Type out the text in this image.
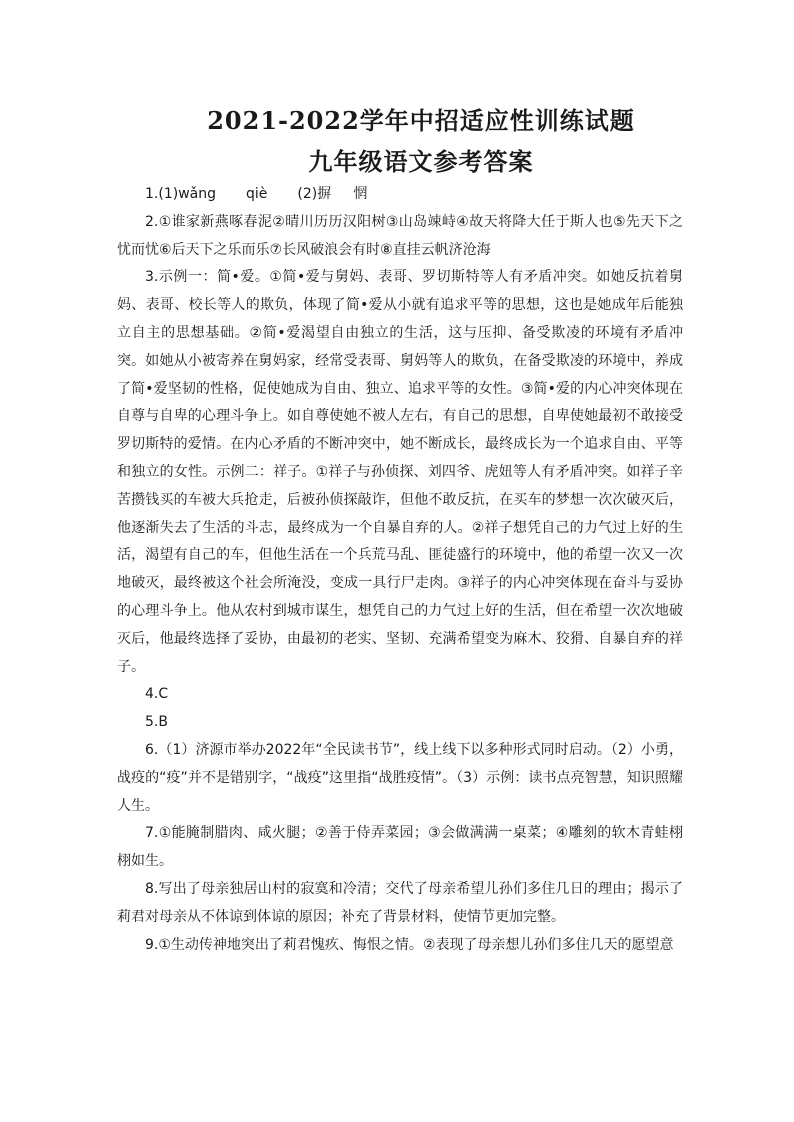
2021-2022学年中招适应性训练试题
九年级语文参考答案

1.(1)wǎng qiè (2)摒 惘

2.①谁家新燕啄春泥②晴川历历汉阳树③山岛竦峙④故天将降大任于斯人也⑤先天下之忧而忧⑥后天下之乐而乐⑦长风破浪会有时⑧直挂云帆济沧海

3.示例一：简•爱。①简•爱与舅妈、表哥、罗切斯特等人有矛盾冲突。如她反抗着舅妈、表哥、校长等人的欺负，体现了简•爱从小就有追求平等的思想，这也是她成年后能独立自主的思想基础。②简•爱渴望自由独立的生活，这与压抑、备受欺凌的环境有矛盾冲突。如她从小被寄养在舅妈家，经常受表哥、舅妈等人的欺负，在备受欺凌的环境中，养成了简•爱坚韧的性格，促使她成为自由、独立、追求平等的女性。③简•爱的内心冲突体现在自尊与自卑的心理斗争上。如自尊使她不被人左右，有自己的思想，自卑使她最初不敢接受罗切斯特的爱情。在内心矛盾的不断冲突中，她不断成长，最终成长为一个追求自由、平等和独立的女性。示例二：祥子。①祥子与孙侦探、刘四爷、虎妞等人有矛盾冲突。如祥子辛苦攒钱买的车被大兵抢走，后被孙侦探敲诈，但他不敢反抗，在买车的梦想一次次破灭后，他逐渐失去了生活的斗志，最终成为一个自暴自弃的人。②祥子想凭自己的力气过上好的生活，渴望有自己的车，但他生活在一个兵荒马乱、匪徒盛行的环境中，他的希望一次又一次地破灭，最终被这个社会所淹没，变成一具行尸走肉。③祥子的内心冲突体现在奋斗与妥协的心理斗争上。他从农村到城市谋生，想凭自己的力气过上好的生活，但在希望一次次地破灭后，他最终选择了妥协，由最初的老实、坚韧、充满希望变为麻木、狡猾、自暴自弃的祥子。

4.C

5.B

6.（1）济源市举办2022年“全民读书节”，线上线下以多种形式同时启动。（2）小勇，战疫的“疫”并不是错别字，“战疫”这里指“战胜疫情”。（3）示例：读书点亮智慧，知识照耀人生。

7.①能腌制腊肉、咸火腿；②善于侍弄菜园；③会做满满一桌菜；④雕刻的软木青蛙栩栩如生。

8.写出了母亲独居山村的寂寞和冷清；交代了母亲希望儿孙们多住几日的理由；揭示了莉君对母亲从不体谅到体谅的原因；补充了背景材料，使情节更加完整。

9.①生动传神地突出了莉君愧疚、悔恨之情。②表现了母亲想儿孙们多住几天的愿望意
